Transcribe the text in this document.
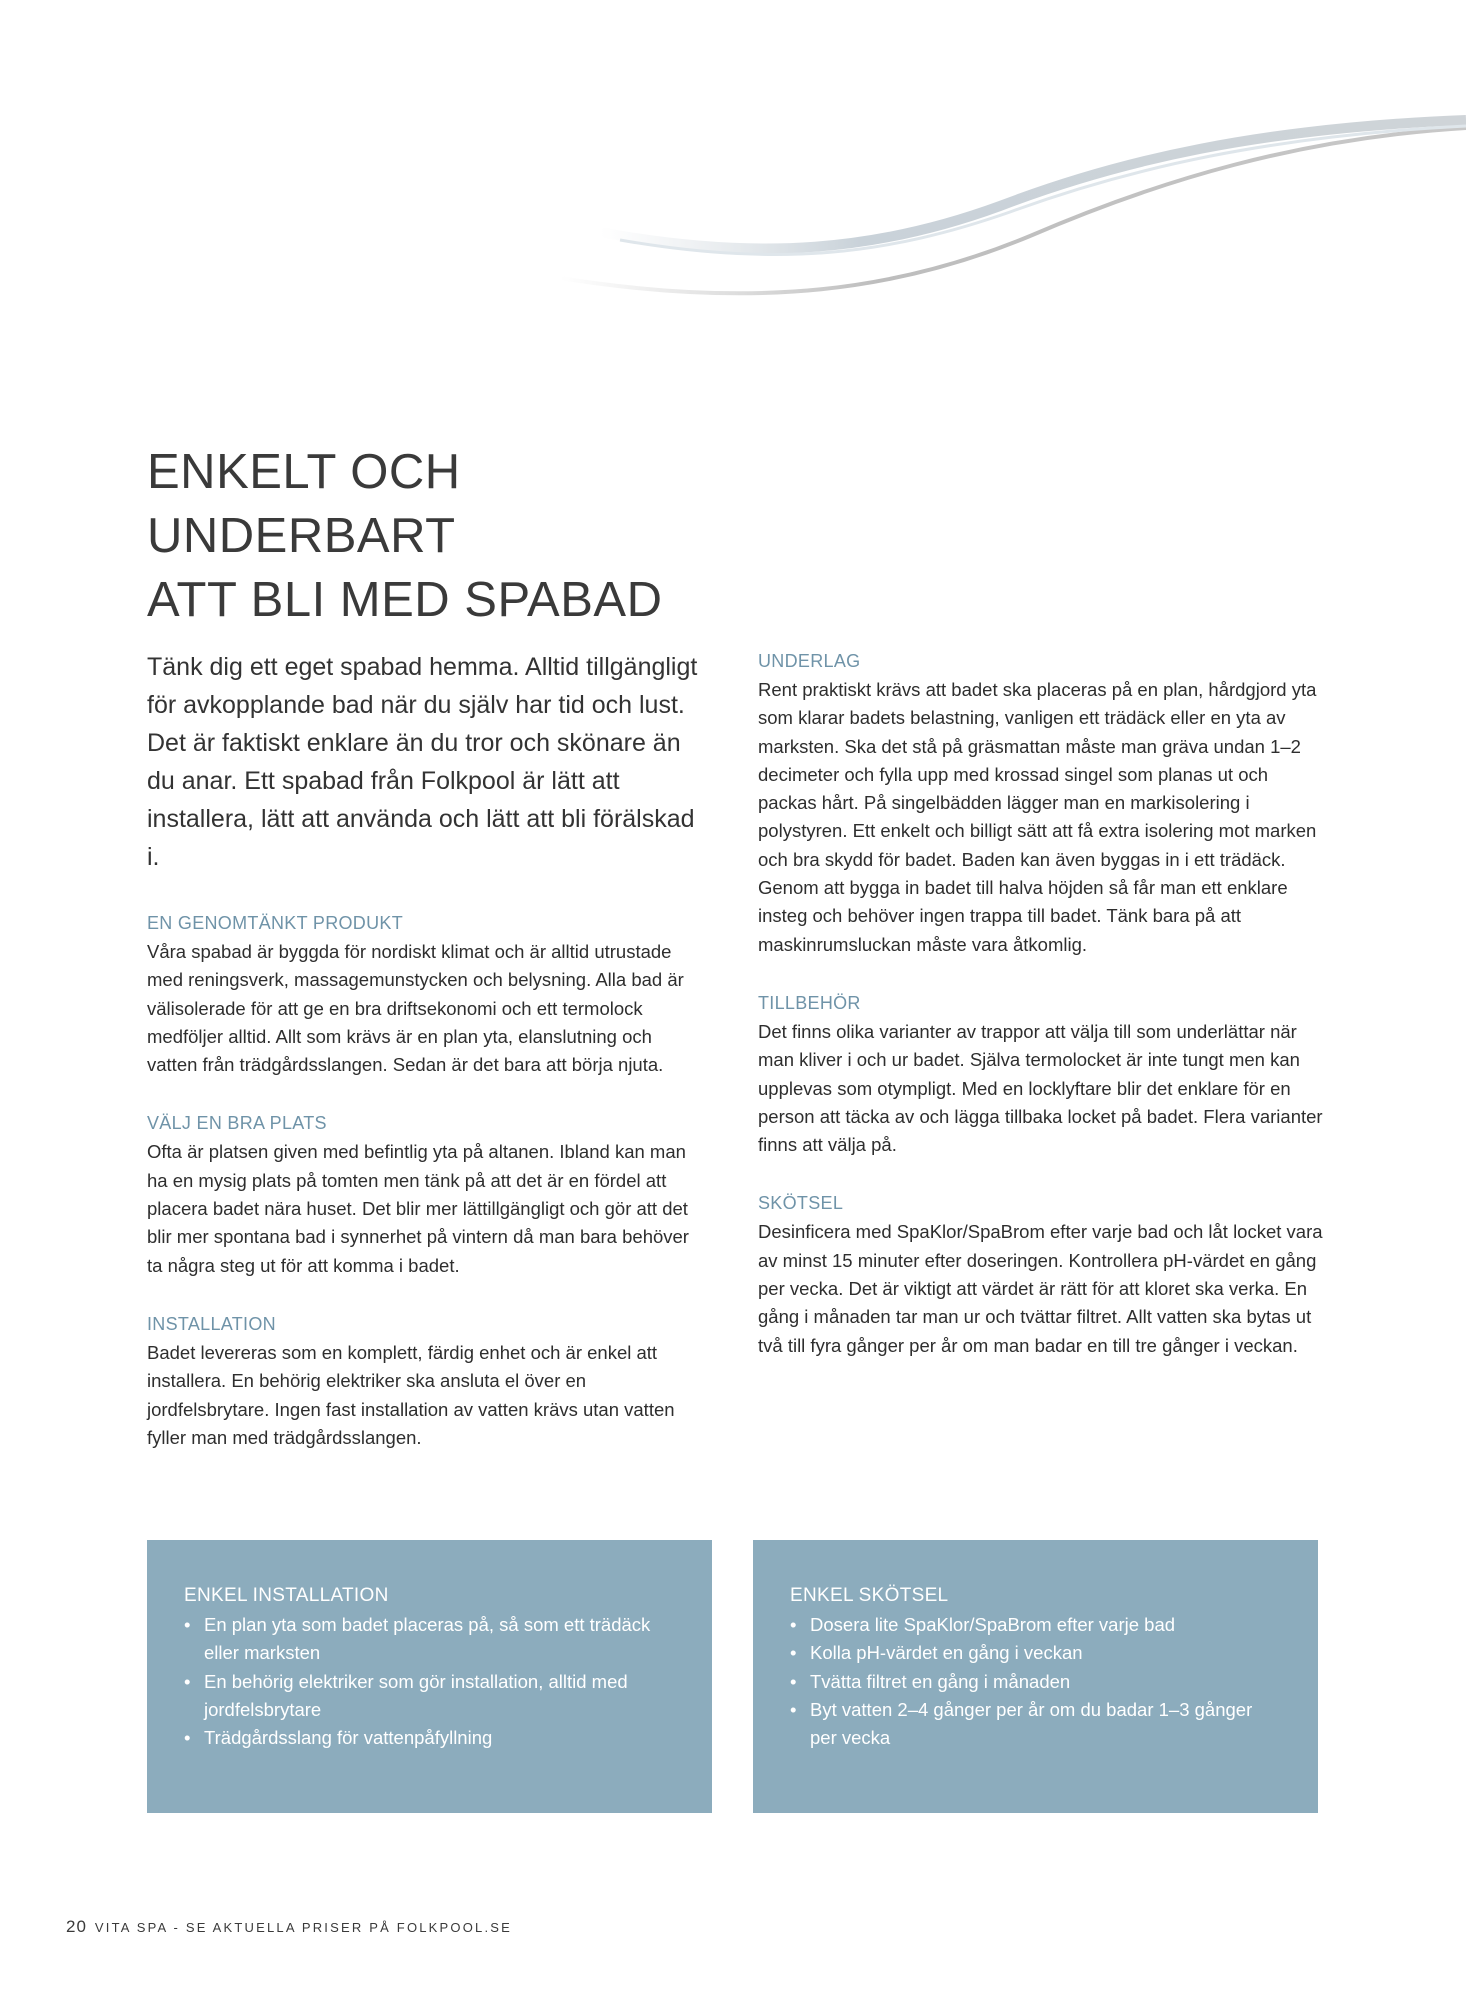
ENKELT OCH UNDERBART
ATT BLI MED SPABAD

Tänk dig ett eget spabad hemma. Alltid tillgängligt för avkopplande bad när du själv har tid och lust. Det är faktiskt enklare än du tror och skönare än du anar. Ett spabad från Folkpool är lätt att installera, lätt att använda och lätt att bli förälskad i.

EN GENOMTÄNKT PRODUKT

Våra spabad är byggda för nordiskt klimat och är alltid utrustade med reningsverk, massagemunstycken och belysning. Alla bad är välisolerade för att ge en bra driftsekonomi och ett termolock medföljer alltid. Allt som krävs är en plan yta, elanslutning och vatten från trädgårdsslangen. Sedan är det bara att börja njuta.

VÄLJ EN BRA PLATS

Ofta är platsen given med befintlig yta på altanen. Ibland kan man ha en mysig plats på tomten men tänk på att det är en fördel att placera badet nära huset. Det blir mer lättillgängligt och gör att det blir mer spontana bad i synnerhet på vintern då man bara behöver ta några steg ut för att komma i badet.

INSTALLATION

Badet levereras som en komplett, färdig enhet och är enkel att installera. En behörig elektriker ska ansluta el över en jordfelsbrytare. Ingen fast installation av vatten krävs utan vatten fyller man med trädgårdsslangen.

UNDERLAG

Rent praktiskt krävs att badet ska placeras på en plan, hårdgjord yta som klarar badets belastning, vanligen ett trädäck eller en yta av marksten. Ska det stå på gräsmattan måste man gräva undan 1–2 decimeter och fylla upp med krossad singel som planas ut och packas hårt. På singelbädden lägger man en markisolering i polystyren. Ett enkelt och billigt sätt att få extra isolering mot marken och bra skydd för badet. Baden kan även byggas in i ett trädäck. Genom att bygga in badet till halva höjden så får man ett enklare insteg och behöver ingen trappa till badet. Tänk bara på att maskinrumsluckan måste vara åtkomlig.

TILLBEHÖR

Det finns olika varianter av trappor att välja till som underlättar när man kliver i och ur badet. Själva termolocket är inte tungt men kan upplevas som otympligt. Med en locklyftare blir det enklare för en person att täcka av och lägga tillbaka locket på badet. Flera varianter finns att välja på.

SKÖTSEL

Desinficera med SpaKlor/SpaBrom efter varje bad och låt locket vara av minst 15 minuter efter doseringen. Kontrollera pH-värdet en gång per vecka. Det är viktigt att värdet är rätt för att kloret ska verka. En gång i månaden tar man ur och tvättar filtret. Allt vatten ska bytas ut två till fyra gånger per år om man badar en till tre gånger i veckan.

ENKEL INSTALLATION
• En plan yta som badet placeras på, så som ett trädäck eller marksten
• En behörig elektriker som gör installation, alltid med jordfelsbrytare
• Trädgårdsslang för vattenpåfyllning
ENKEL SKÖTSEL
• Dosera lite SpaKlor/SpaBrom efter varje bad
• Kolla pH-värdet en gång i veckan
• Tvätta filtret en gång i månaden
• Byt vatten 2–4 gånger per år om du badar 1–3 gånger per vecka
20 VITA SPA - SE AKTUELLA PRISER PÅ FOLKPOOL.SE
